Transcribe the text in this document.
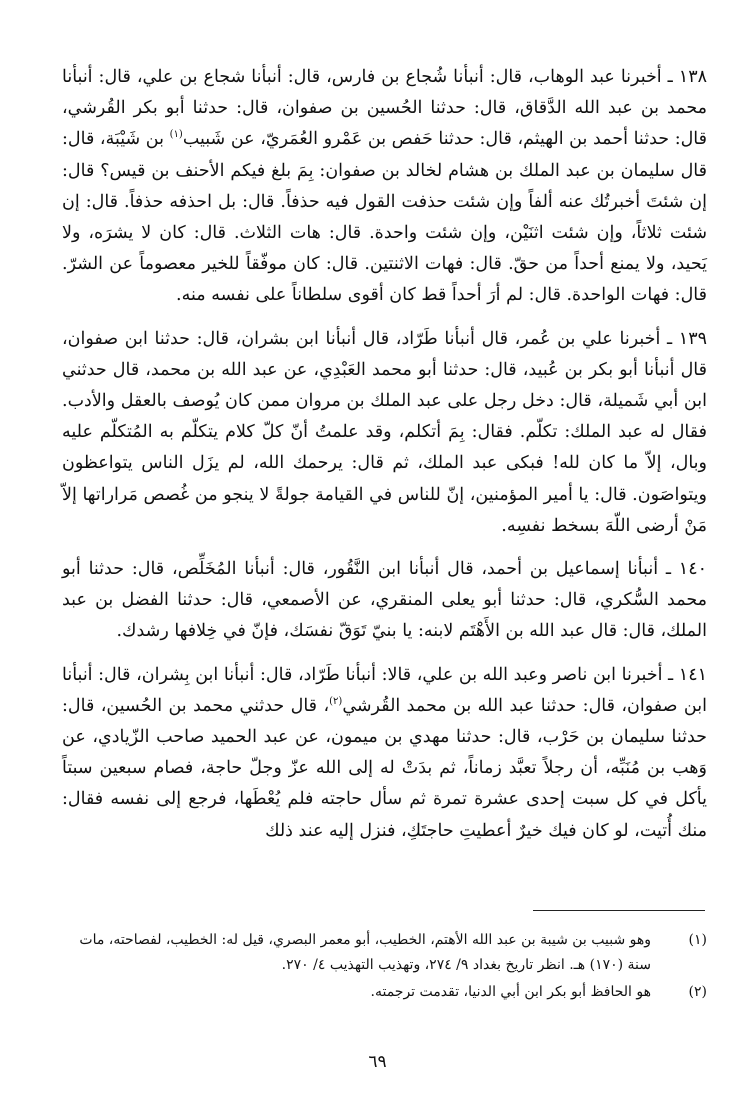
١٣٨ ـ أخبرنا عبد الوهاب، قال: أنبأنا شُجاع بن فارس، قال: أنبأنا شجاع بن علي، قال: أنبأنا محمد بن عبد الله الدَّقاق، قال: حدثنا الحُسين بن صفوان، قال: حدثنا أبو بكر القُرشي، قال: حدثنا أحمد بن الهيثم، قال: حدثنا حَفص بن عَمْرو العُمَريّ، عن شَبيب$^{(١)}$ بن شَيْبَة، قال: قال سليمان بن عبد الملك بن هشام لخالد بن صفوان: بِمَ بلغ فيكم الأحنف بن قيس؟ قال: إن شئتَ أخبرتُك عنه ألفاً وإن شئت حذفت القول فيه حذفاً. قال: بل احذفه حذفاً. قال: إن شئت ثلاثاً، وإن شئت اثنَيْن، وإن شئت واحدة. قال: هات الثلاث. قال: كان لا يشرَه، ولا يَحيد، ولا يمنع أحداً من حقّ. قال: فهات الاثنتين. قال: كان موفّقاً للخير معصوماً عن الشرّ. قال: فهات الواحدة. قال: لم أرَ أحداً قط كان أقوى سلطاناً على نفسه منه.

١٣٩ ـ أخبرنا علي بن عُمر، قال أنبأنا طَرّاد، قال أنبأنا ابن بشران، قال: حدثنا ابن صفوان، قال أنبأنا أبو بكر بن عُبيد، قال: حدثنا أبو محمد العَبْدِي، عن عبد الله بن محمد، قال حدثني ابن أبي شَميلة، قال: دخل رجل على عبد الملك بن مروان ممن كان يُوصف بالعقل والأدب. فقال له عبد الملك: تكلّم. فقال: بِمَ أتكلم، وقد علمتُ أنّ كلّ كلام يتكلّم به المُتكلّم عليه وبال، إلاّ ما كان لله! فبكى عبد الملك، ثم قال: يرحمك الله، لم يزَل الناس يتواعظون ويتواصَون. قال: يا أمير المؤمنين، إنّ للناس في القيامة جولةً لا ينجو من غُصص مَراراتها إلاّ مَنْ أرضى اللّهَ بسخط نفسِه.

١٤٠ ـ أنبأنا إسماعيل بن أحمد، قال أنبأنا ابن النَّقُور، قال: أنبأنا المُخَلِّص، قال: حدثنا أبو محمد السُّكري، قال: حدثنا أبو يعلى المنقري، عن الأصمعي، قال: حدثنا الفضل بن عبد الملك، قال: قال عبد الله بن الأَهْتَم لابنه: يا بنيّ تَوَقّ نفسَك، فإنّ في خِلافها رشدك.

١٤١ ـ أخبرنا ابن ناصر وعبد الله بن علي، قالا: أنبأنا طَرّاد، قال: أنبأنا ابن بِشران، قال: أنبأنا ابن صفوان، قال: حدثنا عبد الله بن محمد القُرشي$^{(٢)}$، قال حدثني محمد بن الحُسين، قال: حدثنا سليمان بن حَرْب، قال: حدثنا مهدي بن ميمون، عن عبد الحميد صاحب الزّيادي، عن وَهب بن مُنَبِّه، أن رجلاً تعبَّد زماناً، ثم بدَتْ له إلى الله عزّ وجلّ حاجة، فصام سبعين سبتاً يأكل في كل سبت إحدى عشرة تمرة ثم سأل حاجته فلم يُعْطَها، فرجع إلى نفسه فقال: منك أُتيت، لو كان فيك خيرٌ أعطيتِ حاجتَكِ، فنزل إليه عند ذلك

(١)
وهو شبيب بن شيبة بن عبد الله الأهتم، الخطيب، أبو معمر البصري، قيل له: الخطيب، لفصاحته، مات سنة (١٧٠) هـ. انظر تاريخ بغداد ٩/ ٢٧٤، وتهذيب التهذيب ٤/ ٢٧٠.
(٢)
هو الحافظ أبو بكر ابن أبي الدنيا، تقدمت ترجمته.
٦٩
